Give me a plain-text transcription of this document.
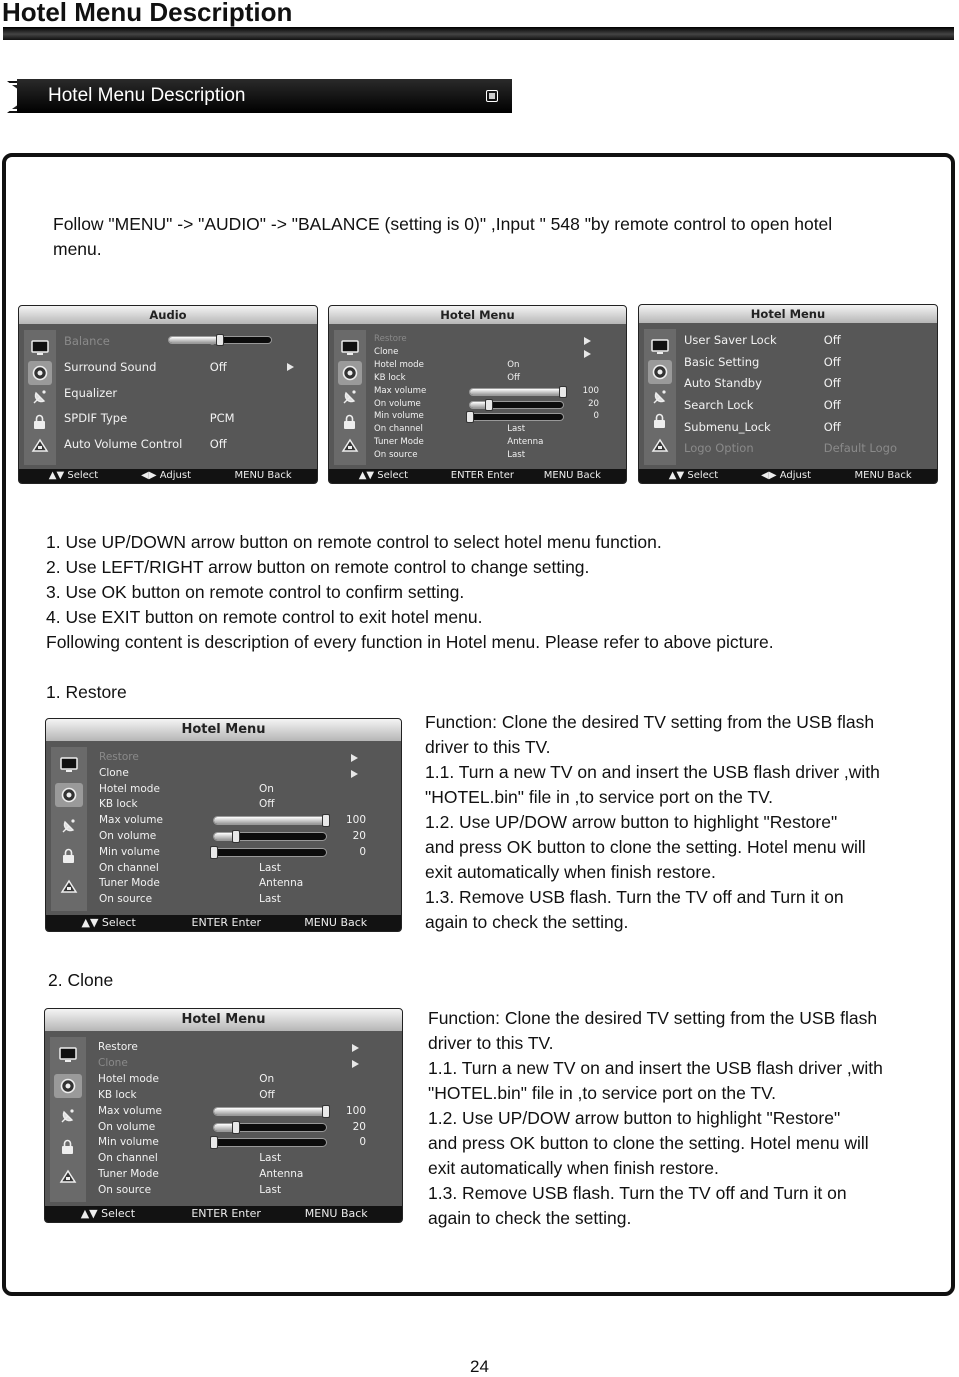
Hotel Menu Description
Hotel Menu Description
Follow "MENU" -> "AUDIO" -> "BALANCE (setting is 0)" ,Input " 548 "by remote control to open hotel
menu.
Audio
Balance
Surround Sound	Off
Equalizer
SPDIF Type	PCM
Auto Volume Control Off
▲▼ Select	◀▶ Adjust	MENU Back
Hotel Menu
Restore
Clone
Hotel mode	On
KB lock	Off
Max volume	100
On volume	20
Min volume	0
On channel	Last
Tuner Mode	Antenna
On source	Last
▲▼ Select	ENTER Enter	MENU Back
Hotel Menu
User Saver Lock	Off
Basic Setting	Off
Auto Standby	Off
Search Lock	Off
Submenu_Lock	Off
Logo Option	Default Logo
▲▼ Select	◀▶ Adjust	MENU Back
1. Use UP/DOWN arrow button on remote control to select hotel menu function.
2. Use LEFT/RIGHT arrow button on remote control to change setting.
3. Use OK button on remote control to confirm setting.
4. Use EXIT button on remote control to exit hotel menu.
Following content is description of every function in Hotel menu. Please refer to above picture.
1. Restore
Hotel Menu
Restore
Clone
Hotel mode	On
KB lock	Off
Max volume	100
On volume	20
Min volume	0
On channel	Last
Tuner Mode	Antenna
On source	Last
▲▼ Select	ENTER Enter	MENU Back
Function: Clone the desired TV setting from the USB flash
driver to this TV.
1.1. Turn a new TV on and insert the USB flash driver ,with
"HOTEL.bin" file in ,to service port on the TV.
1.2. Use UP/DOW arrow button to highlight "Restore"
and press OK button to clone the setting. Hotel menu will
exit automatically when finish restore.
1.3. Remove USB flash. Turn the TV off and Turn it on
again to check the setting.
2. Clone
Hotel Menu
Restore
Clone
Hotel mode	On
KB lock	Off
Max volume	100
On volume	20
Min volume	0
On channel	Last
Tuner Mode	Antenna
On source	Last
▲▼ Select	ENTER Enter	MENU Back
Function: Clone the desired TV setting from the USB flash
driver to this TV.
1.1. Turn a new TV on and insert the USB flash driver ,with
"HOTEL.bin" file in ,to service port on the TV.
1.2. Use UP/DOW arrow button to highlight "Restore"
and press OK button to clone the setting. Hotel menu will
exit automatically when finish restore.
1.3. Remove USB flash. Turn the TV off and Turn it on
again to check the setting.
24
